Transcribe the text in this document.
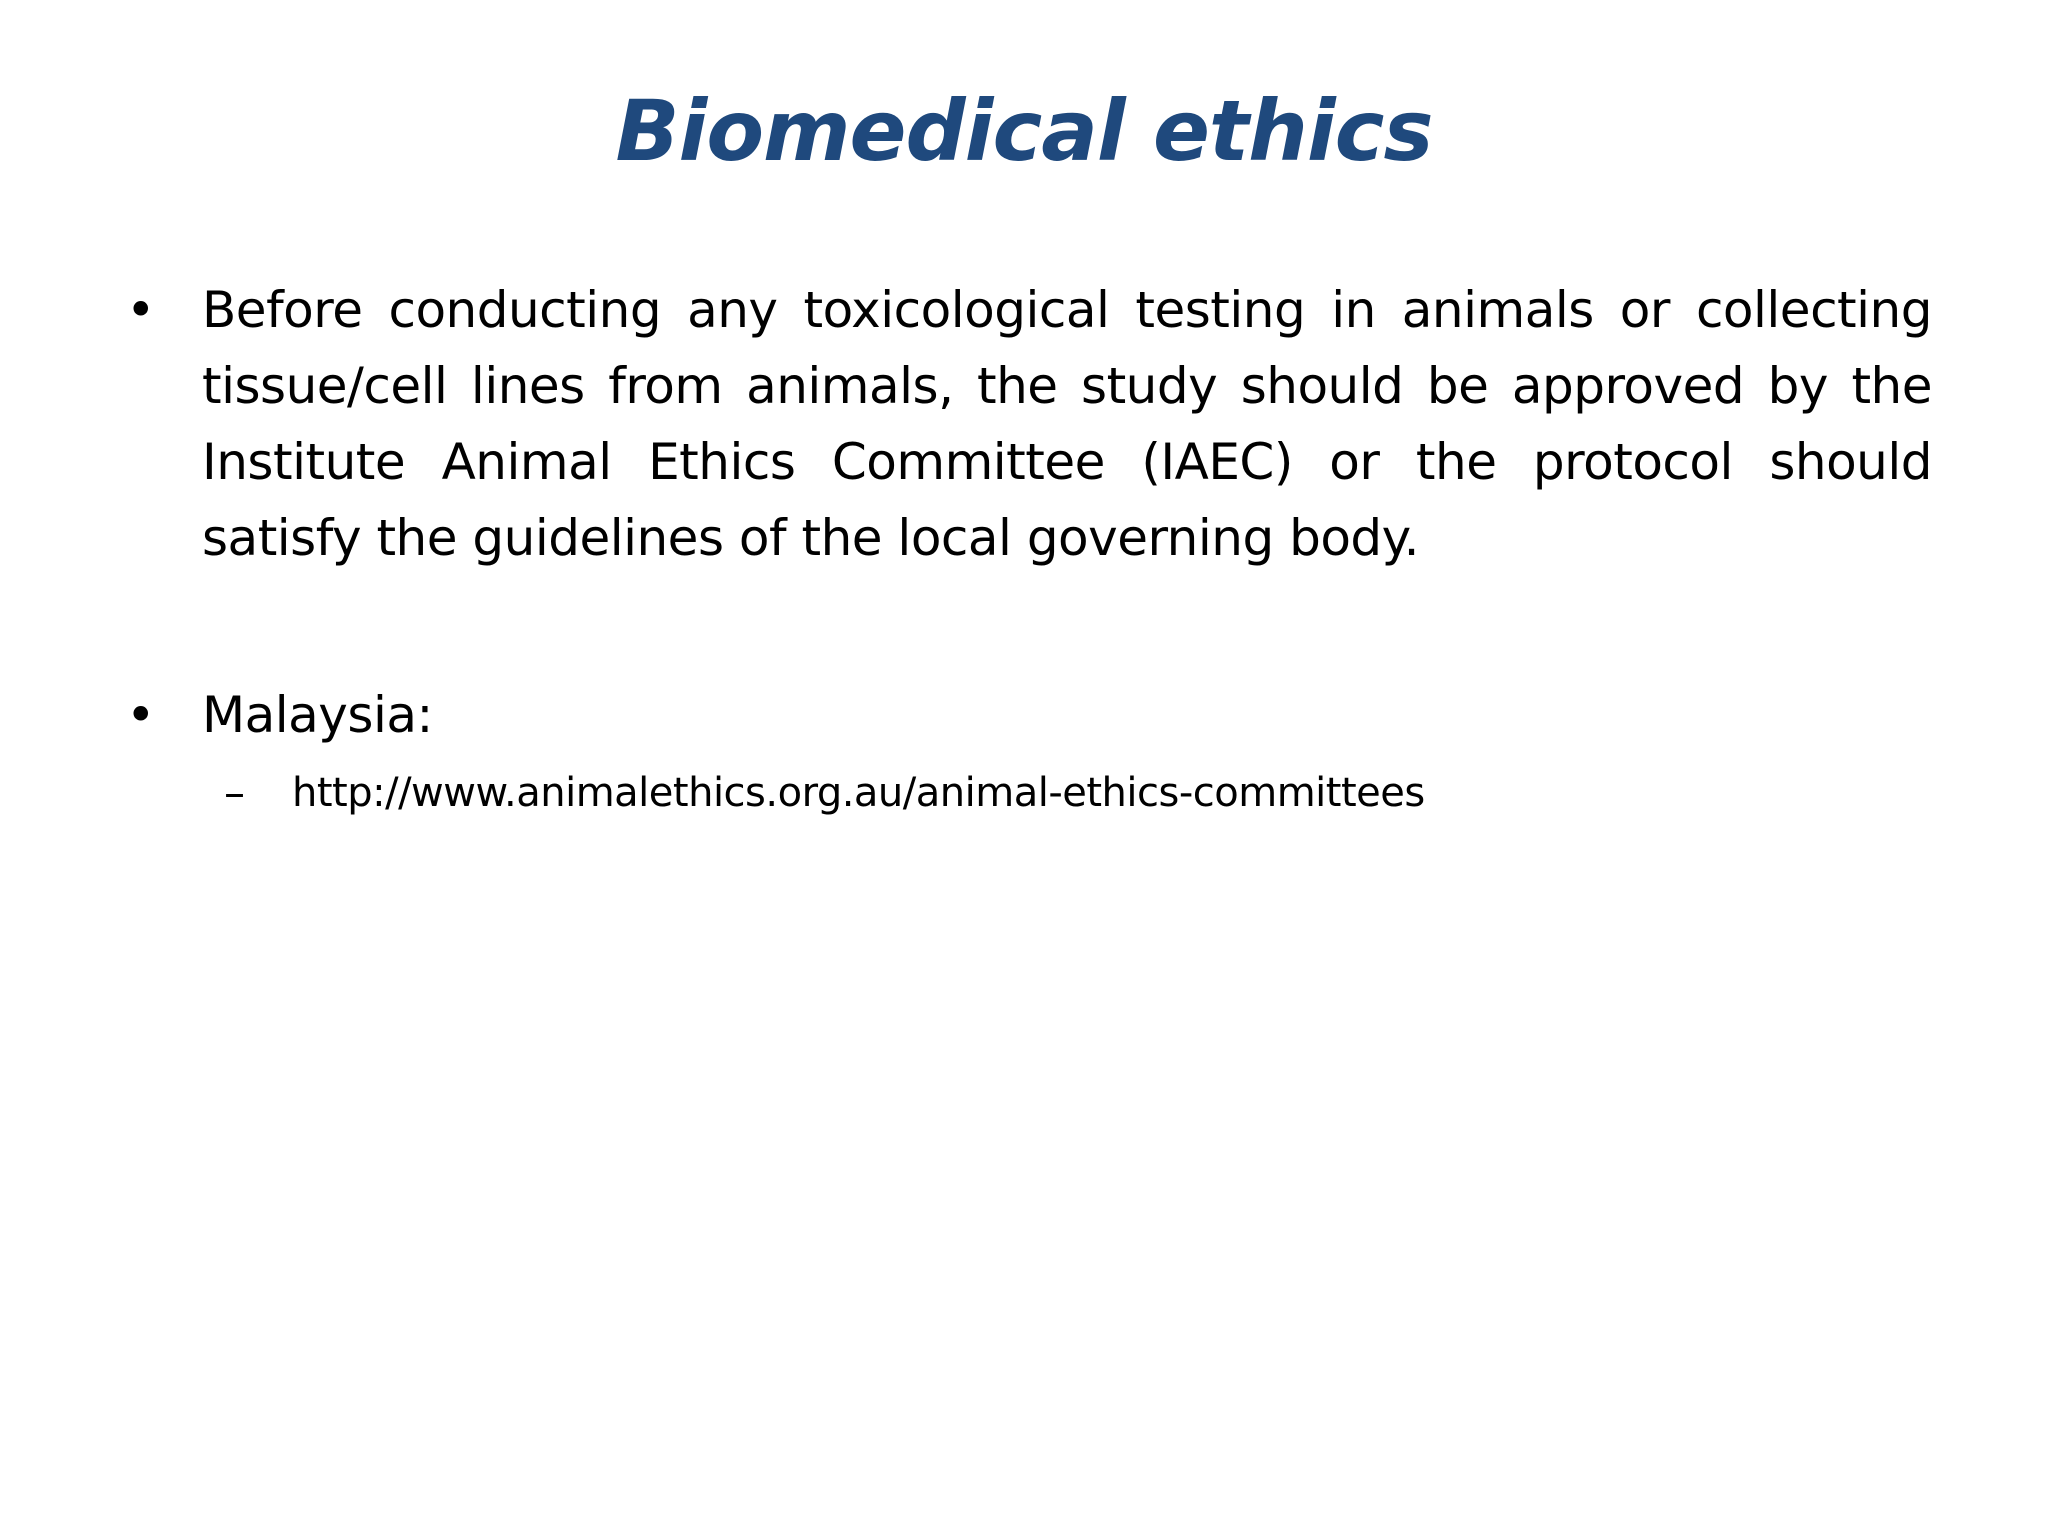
Biomedical ethics
• Before conducting any toxicological testing in animals or collecting tissue/cell lines from animals, the study should be approved by the Institute Animal Ethics Committee (IAEC) or the protocol should satisfy the guidelines of the local governing body.
• Malaysia:
– http://www.animalethics.org.au/animal-ethics-committees
